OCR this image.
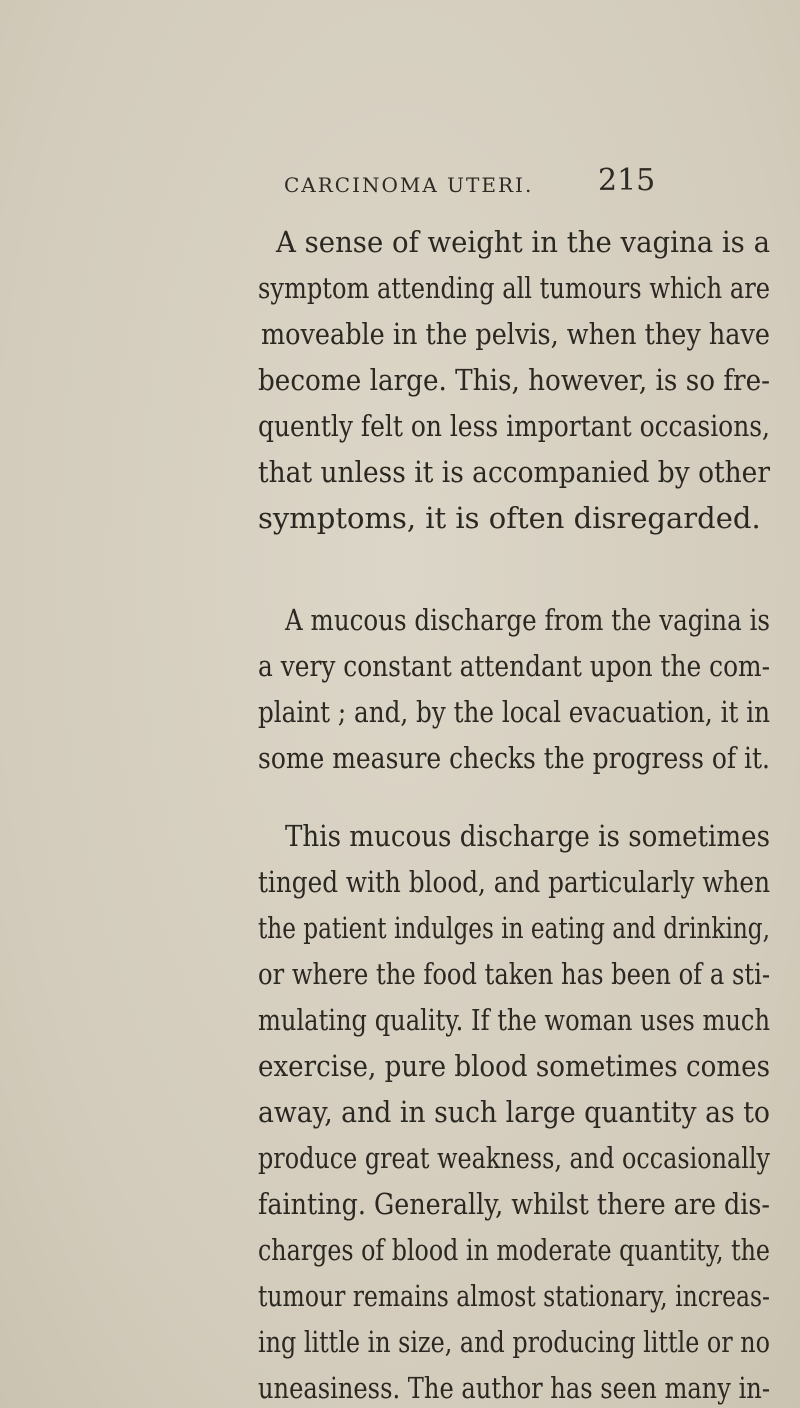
CARCINOMA UTERI. 215
A sense of weight in the vagina is a
symptom attending all tumours which are
moveable in the pelvis, when they have
become large. This, however, is so fre-
quently felt on less important occasions,
that unless it is accompanied by other
symptoms, it is often disregarded.
A mucous discharge from the vagina is
a very constant attendant upon the com-
plaint ; and, by the local evacuation, it in
some measure checks the progress of it.
This mucous discharge is sometimes
tinged with blood, and particularly when
the patient indulges in eating and drinking,
or where the food taken has been of a sti-
mulating quality. If the woman uses much
exercise, pure blood sometimes comes
away, and in such large quantity as to
produce great weakness, and occasionally
fainting. Generally, whilst there are dis-
charges of blood in moderate quantity, the
tumour remains almost stationary, increas-
ing little in size, and producing little or no
uneasiness. The author has seen many in-
